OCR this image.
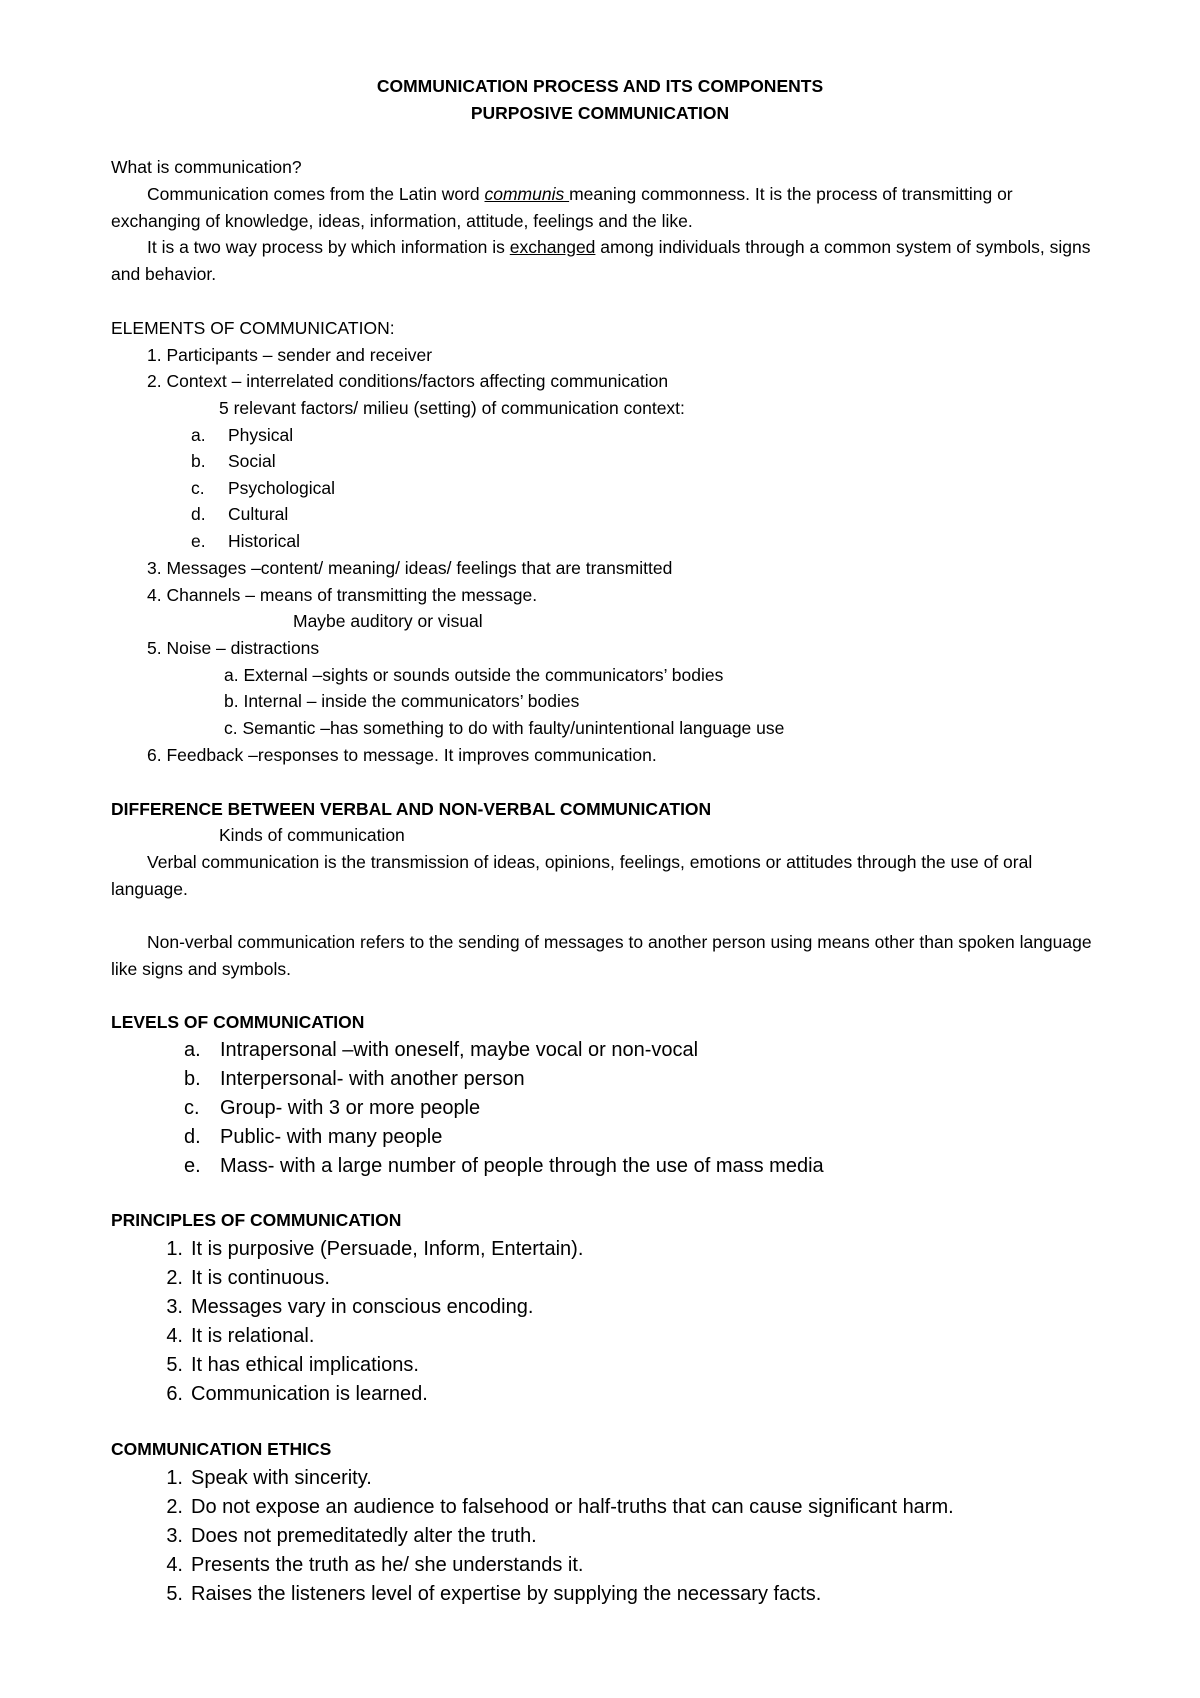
COMMUNICATION PROCESS AND ITS COMPONENTS
PURPOSIVE COMMUNICATION
What is communication?
Communication comes from the Latin word communis meaning commonness. It is the process of transmitting or
exchanging of knowledge, ideas, information, attitude, feelings and the like.
It is a two way process by which information is exchanged among individuals through a common system of symbols, signs
and behavior.
ELEMENTS OF COMMUNICATION:
1. Participants – sender and receiver
2. Context – interrelated conditions/factors affecting communication
5 relevant factors/ milieu (setting) of communication context:
a. Physical
b. Social
c. Psychological
d. Cultural
e. Historical
3. Messages –content/ meaning/ ideas/ feelings that are transmitted
4. Channels – means of transmitting the message.
Maybe auditory or visual
5. Noise – distractions
a. External –sights or sounds outside the communicators’ bodies
b. Internal – inside the communicators’ bodies
c. Semantic –has something to do with faulty/unintentional language use
6. Feedback –responses to message. It improves communication.
DIFFERENCE BETWEEN VERBAL AND NON-VERBAL COMMUNICATION
Kinds of communication
Verbal communication is the transmission of ideas, opinions, feelings, emotions or attitudes through the use of oral
language.
Non-verbal communication refers to the sending of messages to another person using means other than spoken language
like signs and symbols.
LEVELS OF COMMUNICATION
a. Intrapersonal –with oneself, maybe vocal or non-vocal
b. Interpersonal- with another person
c. Group- with 3 or more people
d. Public- with many people
e. Mass- with a large number of people through the use of mass media
PRINCIPLES OF COMMUNICATION
1. It is purposive (Persuade, Inform, Entertain).
2. It is continuous.
3. Messages vary in conscious encoding.
4. It is relational.
5. It has ethical implications.
6. Communication is learned.
COMMUNICATION ETHICS
1. Speak with sincerity.
2. Do not expose an audience to falsehood or half-truths that can cause significant harm.
3. Does not premeditatedly alter the truth.
4. Presents the truth as he/ she understands it.
5. Raises the listeners level of expertise by supplying the necessary facts.
